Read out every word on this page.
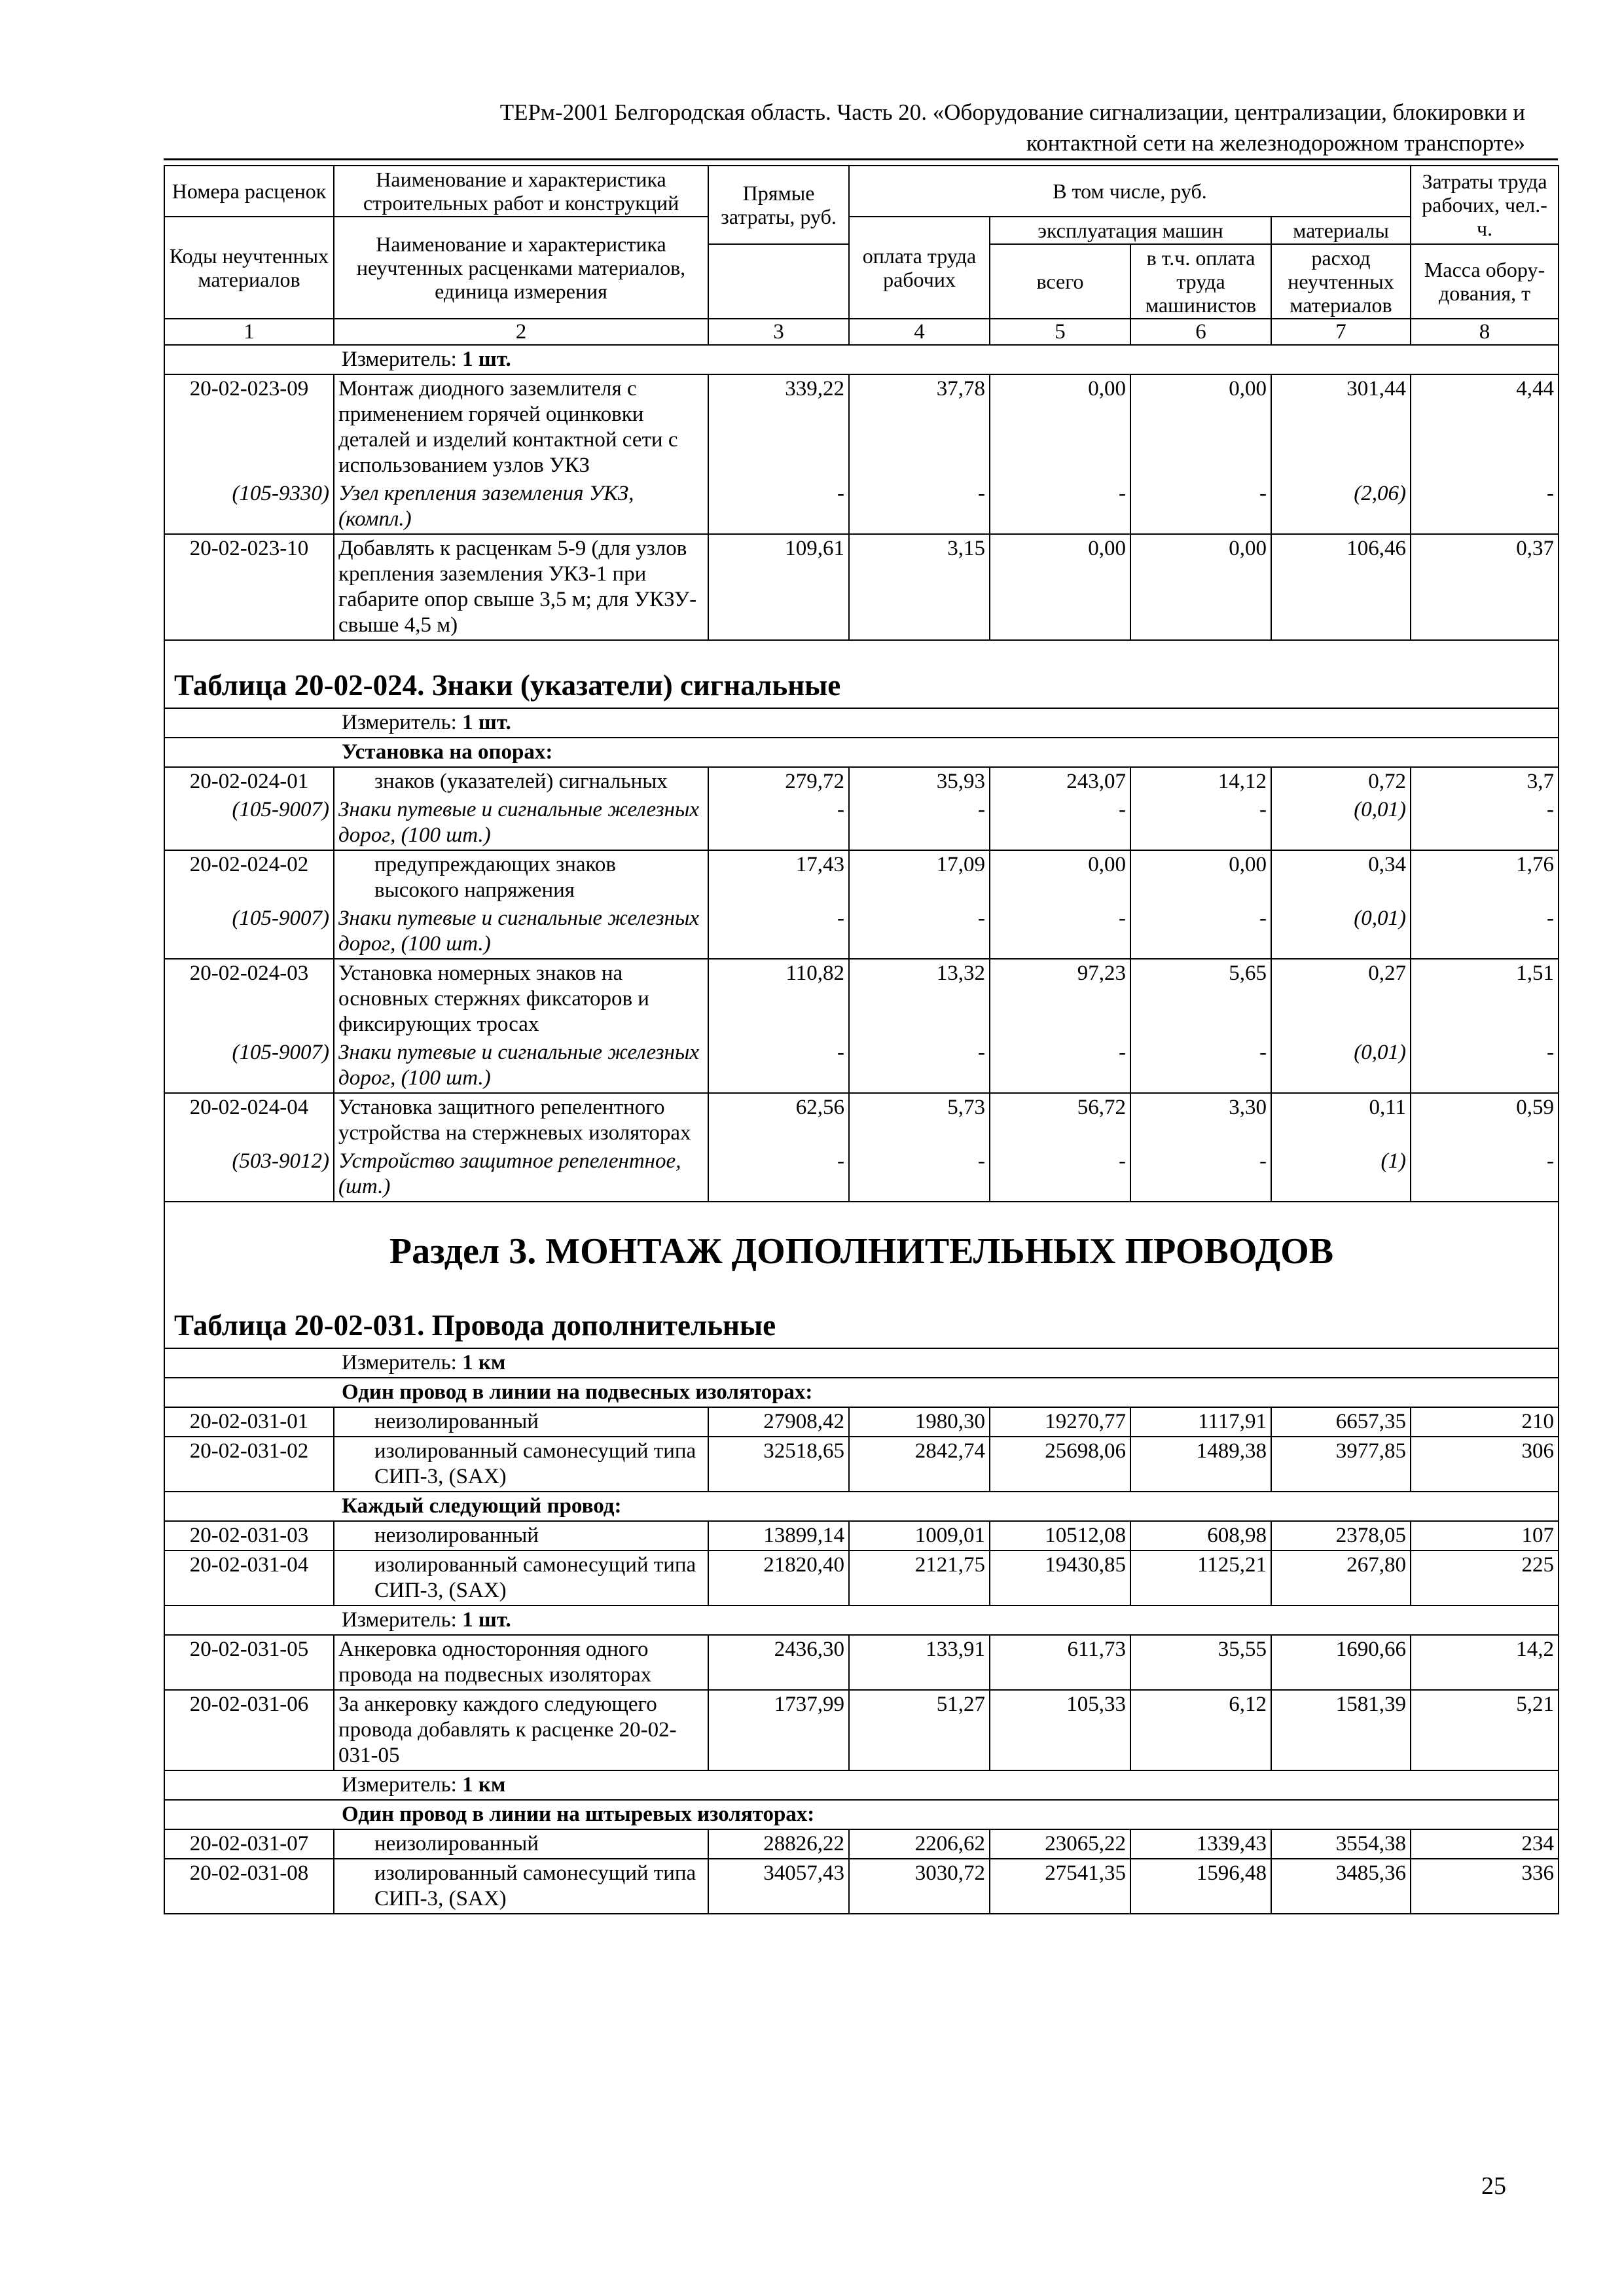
ТЕРм-2001 Белгородская область. Часть 20. «Оборудование сигнализации, централизации, блокировки и
контактной сети на железнодорожном транспорте»
Номера расценок	Наименование и характеристика строительных работ и конструкций	Прямые затраты, руб.	В том числе, руб.				Затраты труда рабочих, чел.-ч.
Коды неучтенных материалов	Наименование и характеристика неучтенных расценками материалов, единица измерения		оплата труда рабочих	эксплуатация машин		материалы	
				всего	в т.ч. оплата труда машинистов	расход неучтенных материалов	Масса обору-дования, т

1	2	3	4	5	6	7	8
Измеритель: 1 шт.							
20-02-023-09	Монтаж диодного заземлителя с применением горячей оцинковки деталей и изделий контактной сети с использованием узлов УКЗ	339,22	37,78	0,00	0,00	301,44	4,44
(105-9330)	Узел крепления заземления УКЗ, (компл.)	-	-	-	-	(2,06)	-
20-02-023-10	Добавлять к расценкам 5-9 (для узлов крепления заземления УКЗ-1 при габарите опор свыше 3,5 м; для УКЗУ-свыше 4,5 м)	109,61	3,15	0,00	0,00	106,46	0,37
Таблица 20-02-024. Знаки (указатели) сигнальные							
Измеритель: 1 шт.							
Установка на опорах:							
20-02-024-01	знаков (указателей) сигнальных	279,72	35,93	243,07	14,12	0,72	3,7
(105-9007)	Знаки путевые и сигнальные железных дорог, (100 шт.)	-	-	-	-	(0,01)	-
20-02-024-02	предупреждающих знаков высокого напряжения	17,43	17,09	0,00	0,00	0,34	1,76
(105-9007)	Знаки путевые и сигнальные железных дорог, (100 шт.)	-	-	-	-	(0,01)	-
20-02-024-03	Установка номерных знаков на основных стержнях фиксаторов и фиксирующих тросах	110,82	13,32	97,23	5,65	0,27	1,51
(105-9007)	Знаки путевые и сигнальные железных дорог, (100 шт.)	-	-	-	-	(0,01)	-
20-02-024-04	Установка защитного репелентного устройства на стержневых изоляторах	62,56	5,73	56,72	3,30	0,11	0,59
(503-9012)	Устройство защитное репелентное, (шт.)	-	-	-	-	(1)	-
Раздел 3. МОНТАЖ ДОПОЛНИТЕЛЬНЫХ ПРОВОДОВ							
Таблица 20-02-031. Провода дополнительные							
Измеритель: 1 км							
Один провод в линии на подвесных изоляторах:							
20-02-031-01	неизолированный	27908,42	1980,30	19270,77	1117,91	6657,35	210
20-02-031-02	изолированный самонесущий типа СИП-3, (SAX)	32518,65	2842,74	25698,06	1489,38	3977,85	306
Каждый следующий провод:							
20-02-031-03	неизолированный	13899,14	1009,01	10512,08	608,98	2378,05	107
20-02-031-04	изолированный самонесущий типа СИП-3, (SAX)	21820,40	2121,75	19430,85	1125,21	267,80	225
Измеритель: 1 шт.							
20-02-031-05	Анкеровка односторонняя одного провода на подвесных изоляторах	2436,30	133,91	611,73	35,55	1690,66	14,2
20-02-031-06	За анкеровку каждого следующего провода добавлять к расценке 20-02-031-05	1737,99	51,27	105,33	6,12	1581,39	5,21
Измеритель: 1 км							
Один провод в линии на штыревых изоляторах:							
20-02-031-07	неизолированный	28826,22	2206,62	23065,22	1339,43	3554,38	234
20-02-031-08	изолированный самонесущий типа СИП-3, (SAX)	34057,43	3030,72	27541,35	1596,48	3485,36	336
25
